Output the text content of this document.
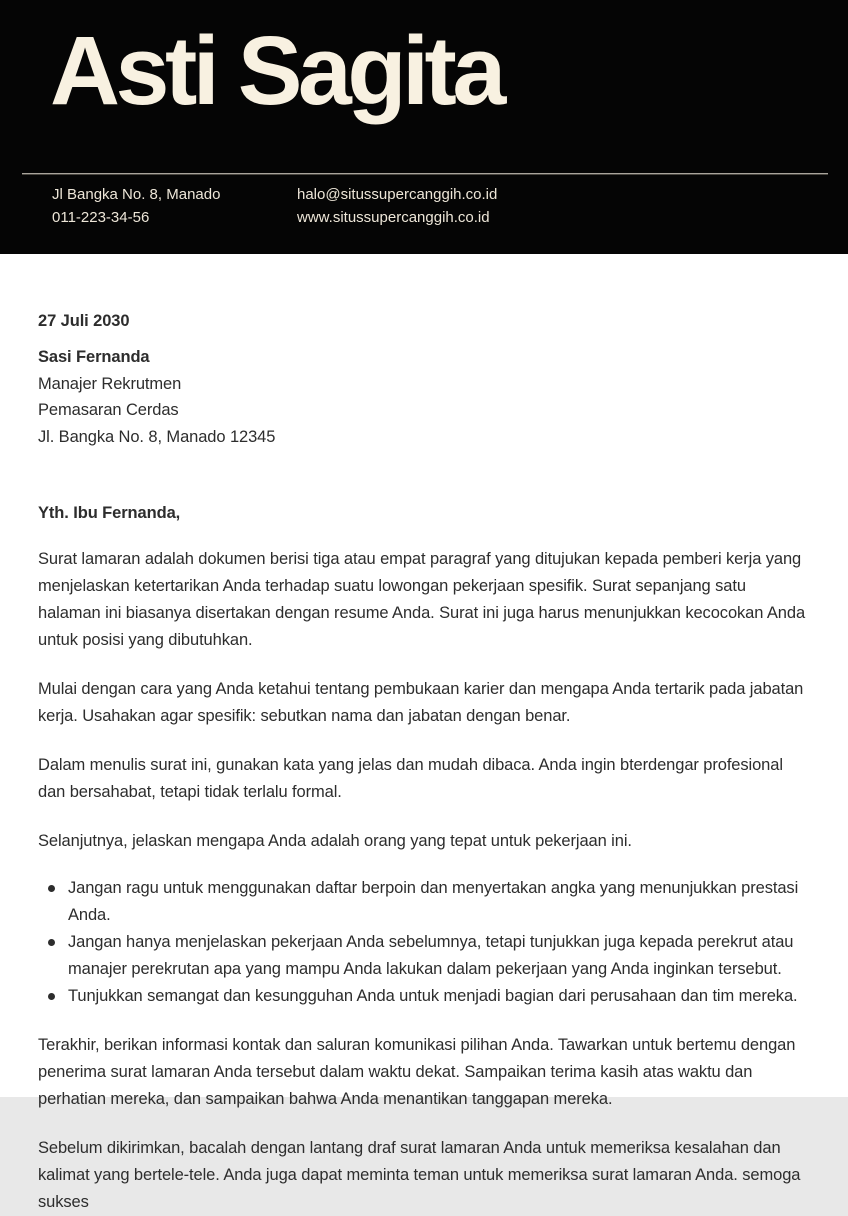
Asti Sagita
Jl Bangka No. 8, Manado
011-223-34-56
halo@situssupercanggih.co.id
www.situssupercanggih.co.id

27 Juli 2030

Sasi Fernanda

Manajer Rekrutmen

Pemasaran Cerdas

Jl. Bangka No. 8, Manado 12345

Yth. Ibu Fernanda,

Surat lamaran adalah dokumen berisi tiga atau empat paragraf yang ditujukan kepada pemberi kerja yang menjelaskan ketertarikan Anda terhadap suatu lowongan pekerjaan spesifik. Surat sepanjang satu halaman ini biasanya disertakan dengan resume Anda. Surat ini juga harus menunjukkan kecocokan Anda untuk posisi yang dibutuhkan.

Mulai dengan cara yang Anda ketahui tentang pembukaan karier dan mengapa Anda tertarik pada jabatan kerja. Usahakan agar spesifik: sebutkan nama dan jabatan dengan benar.

Dalam menulis surat ini, gunakan kata yang jelas dan mudah dibaca. Anda ingin bterdengar profesional dan bersahabat, tetapi tidak terlalu formal.

Selanjutnya, jelaskan mengapa Anda adalah orang yang tepat untuk pekerjaan ini.

Jangan ragu untuk menggunakan daftar berpoin dan menyertakan angka yang menunjukkan prestasi Anda.
Jangan hanya menjelaskan pekerjaan Anda sebelumnya, tetapi tunjukkan juga kepada perekrut atau manajer perekrutan apa yang mampu Anda lakukan dalam pekerjaan yang Anda inginkan tersebut.
Tunjukkan semangat dan kesungguhan Anda untuk menjadi bagian dari perusahaan dan tim mereka.

Terakhir, berikan informasi kontak dan saluran komunikasi pilihan Anda. Tawarkan untuk bertemu dengan penerima surat lamaran Anda tersebut dalam waktu dekat. Sampaikan terima kasih atas waktu dan perhatian mereka, dan sampaikan bahwa Anda menantikan tanggapan mereka.

Sebelum dikirimkan, bacalah dengan lantang draf surat lamaran Anda untuk memeriksa kesalahan dan kalimat yang bertele-tele. Anda juga dapat meminta teman untuk memeriksa surat lamaran Anda. semoga sukses
